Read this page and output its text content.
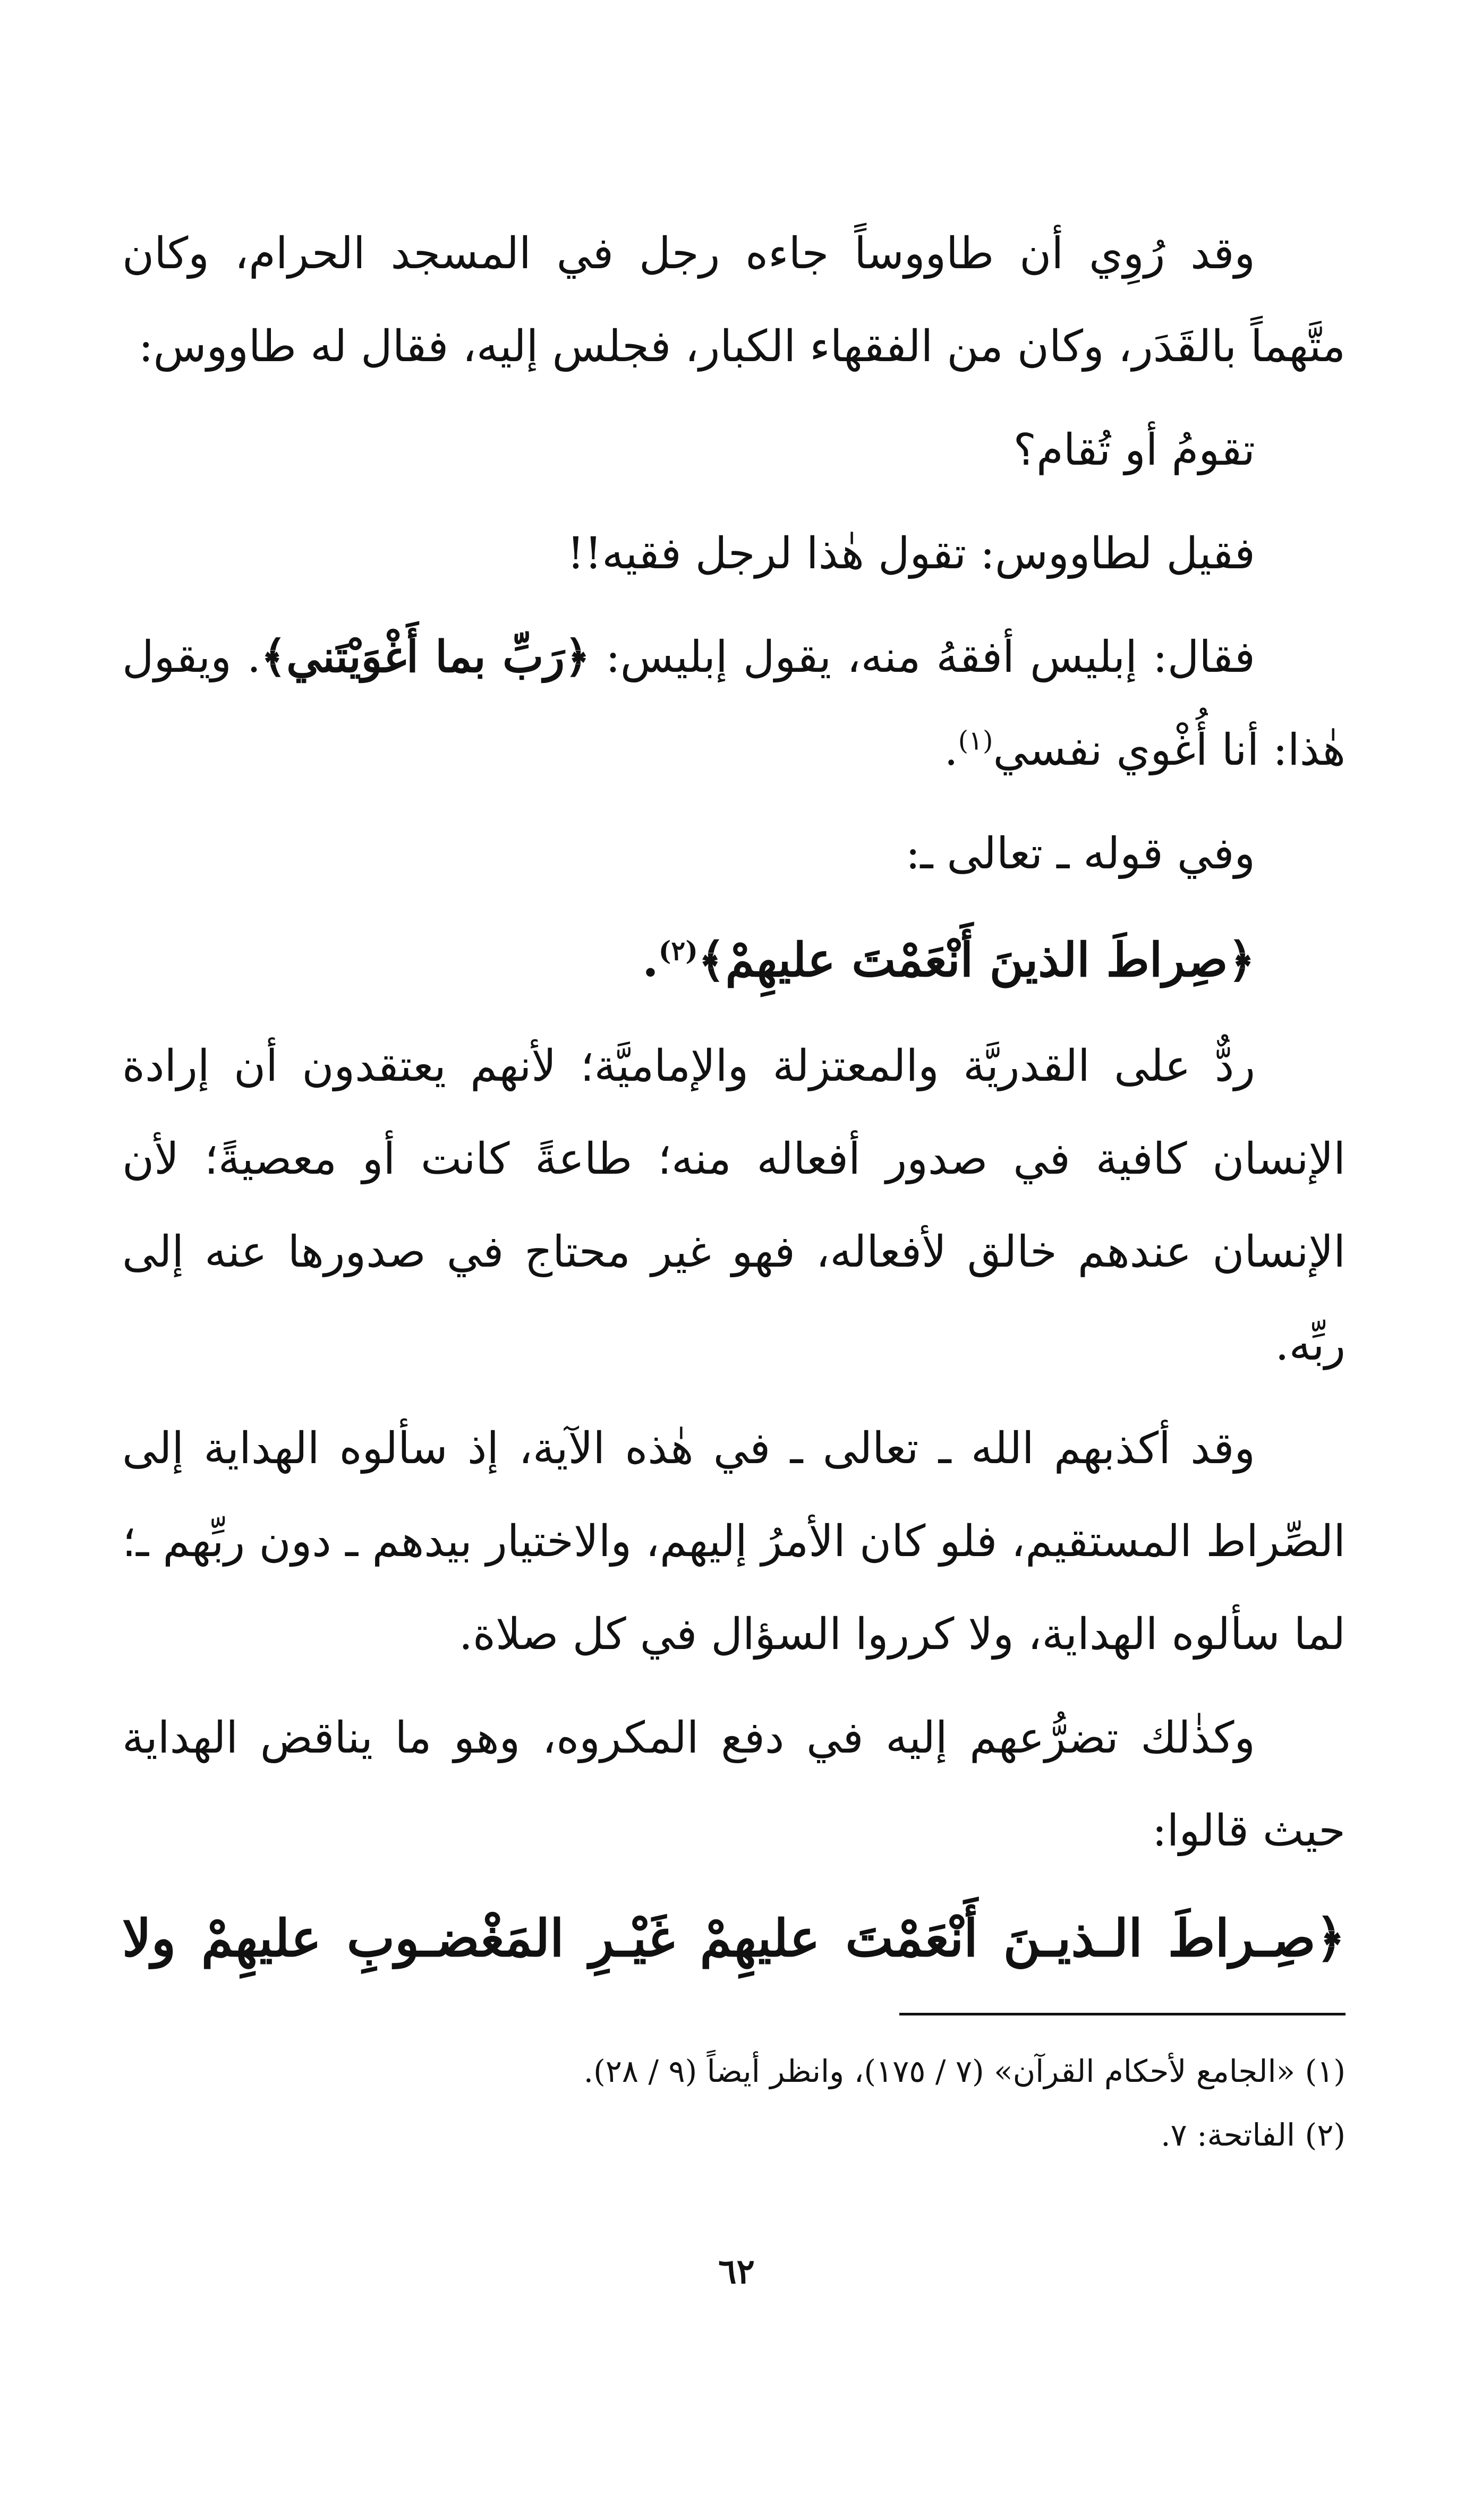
وقد رُوِي أن طاووساً جاءه رجل في المسجد الحرام، وكان متَّهماً بالقَدَر، وكان من الفقهاء الكبار، فجلس إليه، فقال له طاووس:

تقومُ أو تُقام؟

فقيل لطاووس: تقول هٰذا لرجل فقيه!!

فقال: إبليس أفقهُ منه، يقول إبليس: ﴿رَبِّ بما أَغْوَيْتَني﴾. ويقول هٰذا: أنا أُغْوي نفسي$^{(١)}$.

وفي قوله ـ تعالى ـ:

﴿صِراطَ الذينَ أَنْعَمْتَ عليهِمْ﴾$^{(٢)}$.

ردٌّ على القدريَّة والمعتزلة والإماميَّة؛ لأنهم يعتقدون أن إرادة الإنسان كافية في صدور أفعاله منه؛ طاعةً كانت أو معصيةً؛ لأن الإنسان عندهم خالق لأفعاله، فهو غير محتاج في صدورها عنه إلى ربِّه.

وقد أكذبهم الله ـ تعالى ـ في هٰذه الآية، إذ سألوه الهداية إلى الصِّراط المستقيم، فلو كان الأمرُ إليهم، والاختيار بيدهم ـ دون ربِّهم ـ؛ لما سألوه الهداية، ولا كرروا السؤال في كل صلاة.

وكذٰلك تضرُّعهم إليه في دفع المكروه، وهو ما يناقض الهداية حيث قالوا:

﴿صِـراطَ الـذيـنَ أَنْعَمْتَ عليهِمْ غَيْـرِ المَغْضـوبِ عليهِمْ ولا

(١) «الجامع لأحكام القرآن» (٧ / ١٧٥)، وانظر أيضاً (٩ / ٢٨).

(٢) الفاتحة: ٧.

٦٢
